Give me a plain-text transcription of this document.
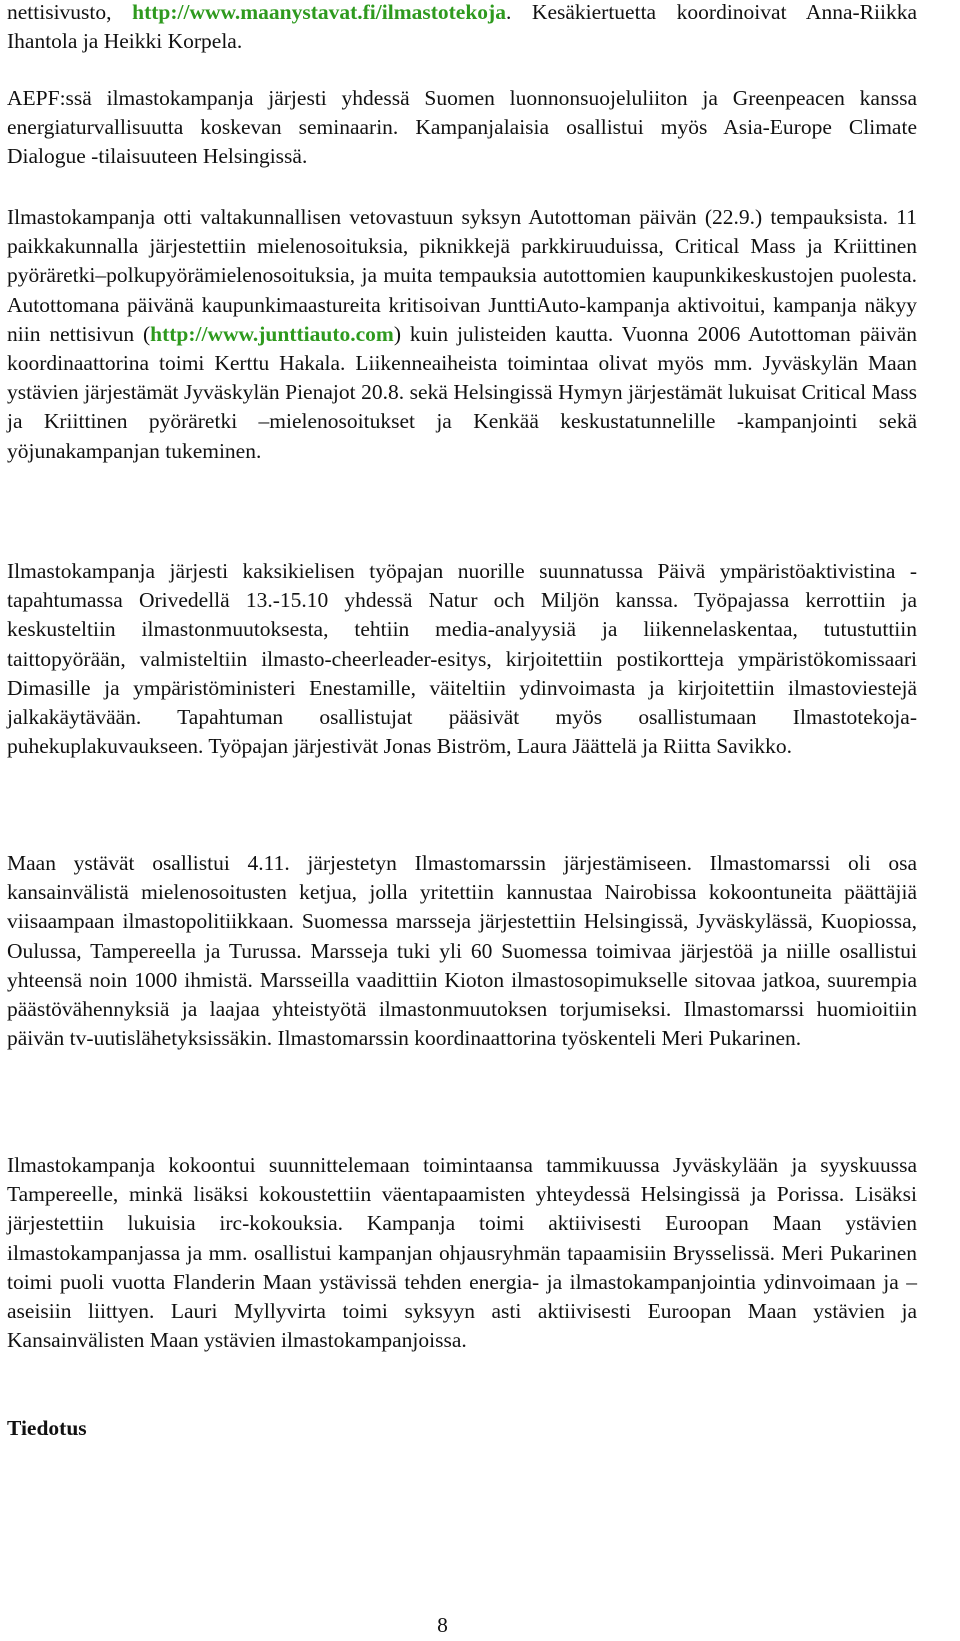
nettisivusto, http://www.maanystavat.fi/ilmastotekoja. Kesäkiertuetta koordinoivat Anna-Riikka Ihantola ja Heikki Korpela.

AEPF:ssä ilmastokampanja järjesti yhdessä Suomen luonnonsuojeluliiton ja Greenpeacen kanssa energiaturvallisuutta koskevan seminaarin. Kampanjalaisia osallistui myös Asia-Europe Climate Dialogue -tilaisuuteen Helsingissä.

Ilmastokampanja otti valtakunnallisen vetovastuun syksyn Autottoman päivän (22.9.) tempauksista. 11 paikkakunnalla järjestettiin mielenosoituksia, piknikkejä parkkiruuduissa, Critical Mass ja Kriittinen pyöräretki–polkupyörämielenosoituksia, ja muita tempauksia autottomien kaupunkikeskustojen puolesta. Autottomana päivänä kaupunkimaastureita kritisoivan JunttiAuto-kampanja aktivoitui, kampanja näkyy niin nettisivun (http://www.junttiauto.com) kuin julisteiden kautta. Vuonna 2006 Autottoman päivän koordinaattorina toimi Kerttu Hakala. Liikenneaiheista toimintaa olivat myös mm. Jyväskylän Maan ystävien järjestämät Jyväskylän Pienajot 20.8. sekä Helsingissä Hymyn järjestämät lukuisat Critical Mass ja Kriittinen pyöräretki –mielenosoitukset ja Kenkää keskustatunnelille -kampanjointi sekä yöjunakampanjan tukeminen.

Ilmastokampanja järjesti kaksikielisen työpajan nuorille suunnatussa Päivä ympäristöaktivistina -tapahtumassa Orivedellä 13.-15.10 yhdessä Natur och Miljön kanssa. Työpajassa kerrottiin ja keskusteltiin ilmastonmuutoksesta, tehtiin media-analyysiä ja liikennelaskentaa, tutustuttiin taittopyörään, valmisteltiin ilmasto-cheerleader-esitys, kirjoitettiin postikortteja ympäristökomissaari Dimasille ja ympäristöministeri Enestamille, väiteltiin ydinvoimasta ja kirjoitettiin ilmastoviestejä jalkakäytävään. Tapahtuman osallistujat pääsivät myös osallistumaan Ilmastotekoja-puhekuplakuvaukseen. Työpajan järjestivät Jonas Biström, Laura Jäättelä ja Riitta Savikko.

Maan ystävät osallistui 4.11. järjestetyn Ilmastomarssin järjestämiseen. Ilmastomarssi oli osa kansainvälistä mielenosoitusten ketjua, jolla yritettiin kannustaa Nairobissa kokoontuneita päättäjiä viisaampaan ilmastopolitiikkaan. Suomessa marsseja järjestettiin Helsingissä, Jyväskylässä, Kuopiossa, Oulussa, Tampereella ja Turussa. Marsseja tuki yli 60 Suomessa toimivaa järjestöä ja niille osallistui yhteensä noin 1000 ihmistä. Marsseilla vaadittiin Kioton ilmastosopimukselle sitovaa jatkoa, suurempia päästövähennyksiä ja laajaa yhteistyötä ilmastonmuutoksen torjumiseksi. Ilmastomarssi huomioitiin päivän tv-uutislähetyksissäkin. Ilmastomarssin koordinaattorina työskenteli Meri Pukarinen.

Ilmastokampanja kokoontui suunnittelemaan toimintaansa tammikuussa Jyväskylään ja syyskuussa Tampereelle, minkä lisäksi kokoustettiin väentapaamisten yhteydessä Helsingissä ja Porissa. Lisäksi järjestettiin lukuisia irc-kokouksia. Kampanja toimi aktiivisesti Euroopan Maan ystävien ilmastokampanjassa ja mm. osallistui kampanjan ohjausryhmän tapaamisiin Brysselissä. Meri Pukarinen toimi puoli vuotta Flanderin Maan ystävissä tehden energia- ja ilmastokampanjointia ydinvoimaan ja –aseisiin liittyen. Lauri Myllyvirta toimi syksyyn asti aktiivisesti Euroopan Maan ystävien ja Kansainvälisten Maan ystävien ilmastokampanjoissa.

Tiedotus
8
